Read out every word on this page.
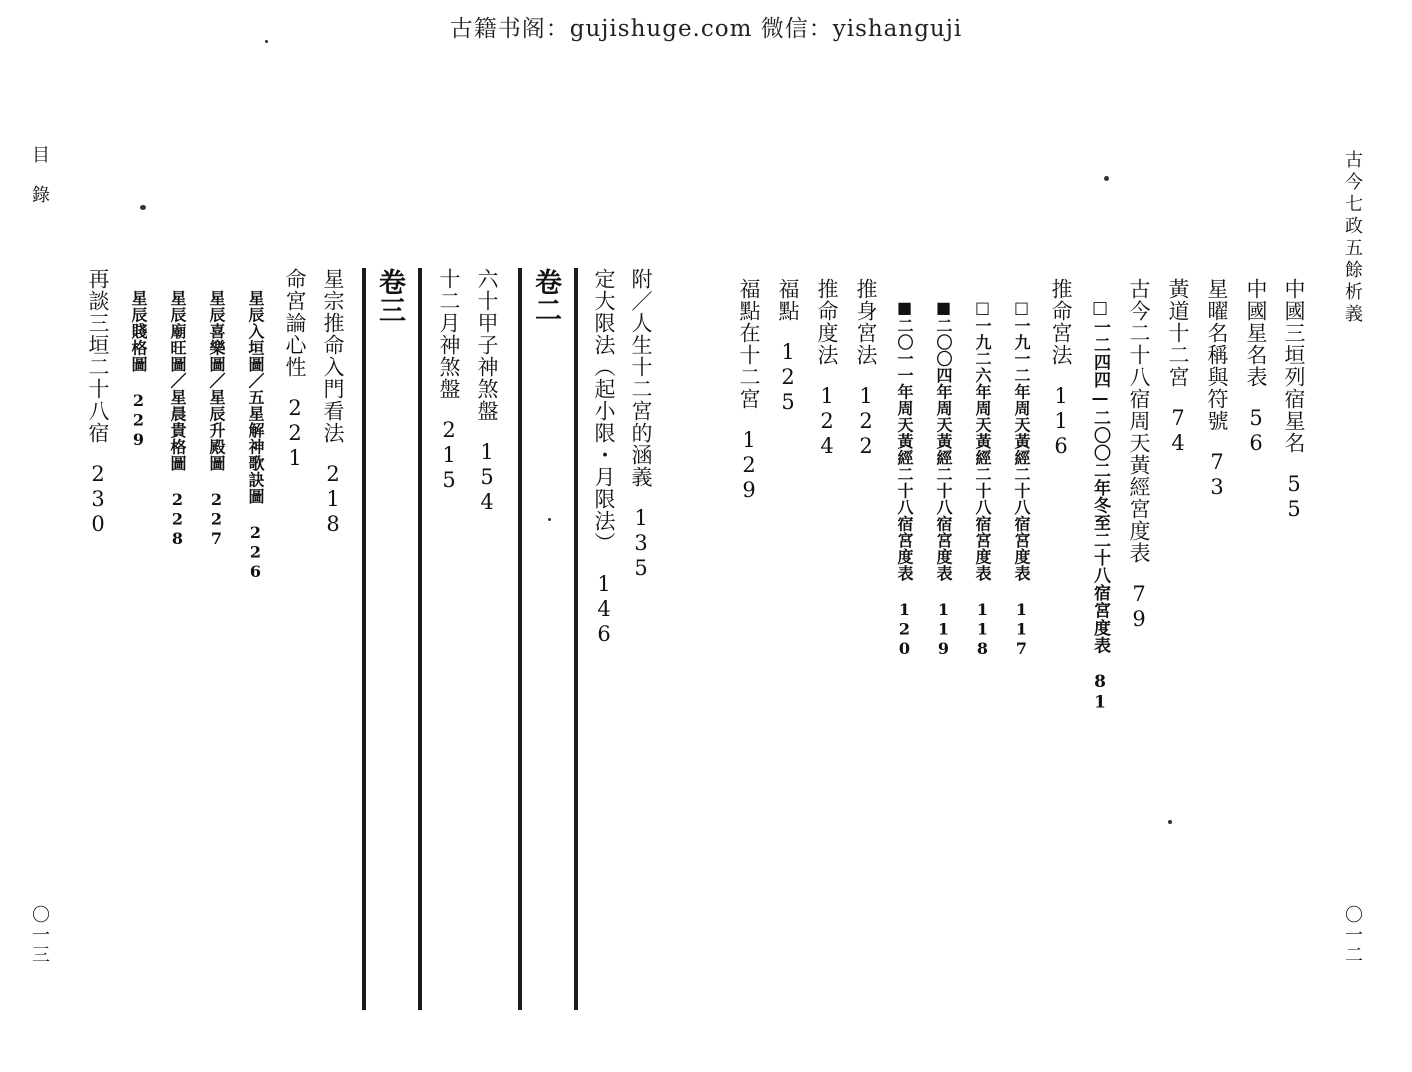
古籍书阁：gujishuge.com 微信：yishanguji
古今七政五餘析義
〇一二
目錄
〇一三
中國三垣列宿星名55
中國星名表56
星曜名稱與符號73
黃道十二宮74
古今二十八宿周天黃經宮度表79
□一二四四—二〇〇二年冬至二十八宿宮度表81
推命宮法116
□一九一二年周天黃經二十八宿宮度表117
□一九二六年周天黃經二十八宿宮度表118
■二〇〇四年周天黃經二十八宿宮度表119
■二〇一一年周天黃經二十八宿宮度表120
推身宮法122
推命度法124
福點125
福點在十二宮129
附／人生十二宮的涵義135
定大限法（起小限・月限法）146
卷二
六十甲子神煞盤154
十二月神煞盤215
卷三
星宗推命入門看法218
命宮論心性221
星辰入垣圖／五星解神歌訣圖226
星辰喜樂圖／星辰升殿圖227
星辰廟旺圖／星晨貴格圖228
星辰賤格圖229
再談三垣二十八宿230
